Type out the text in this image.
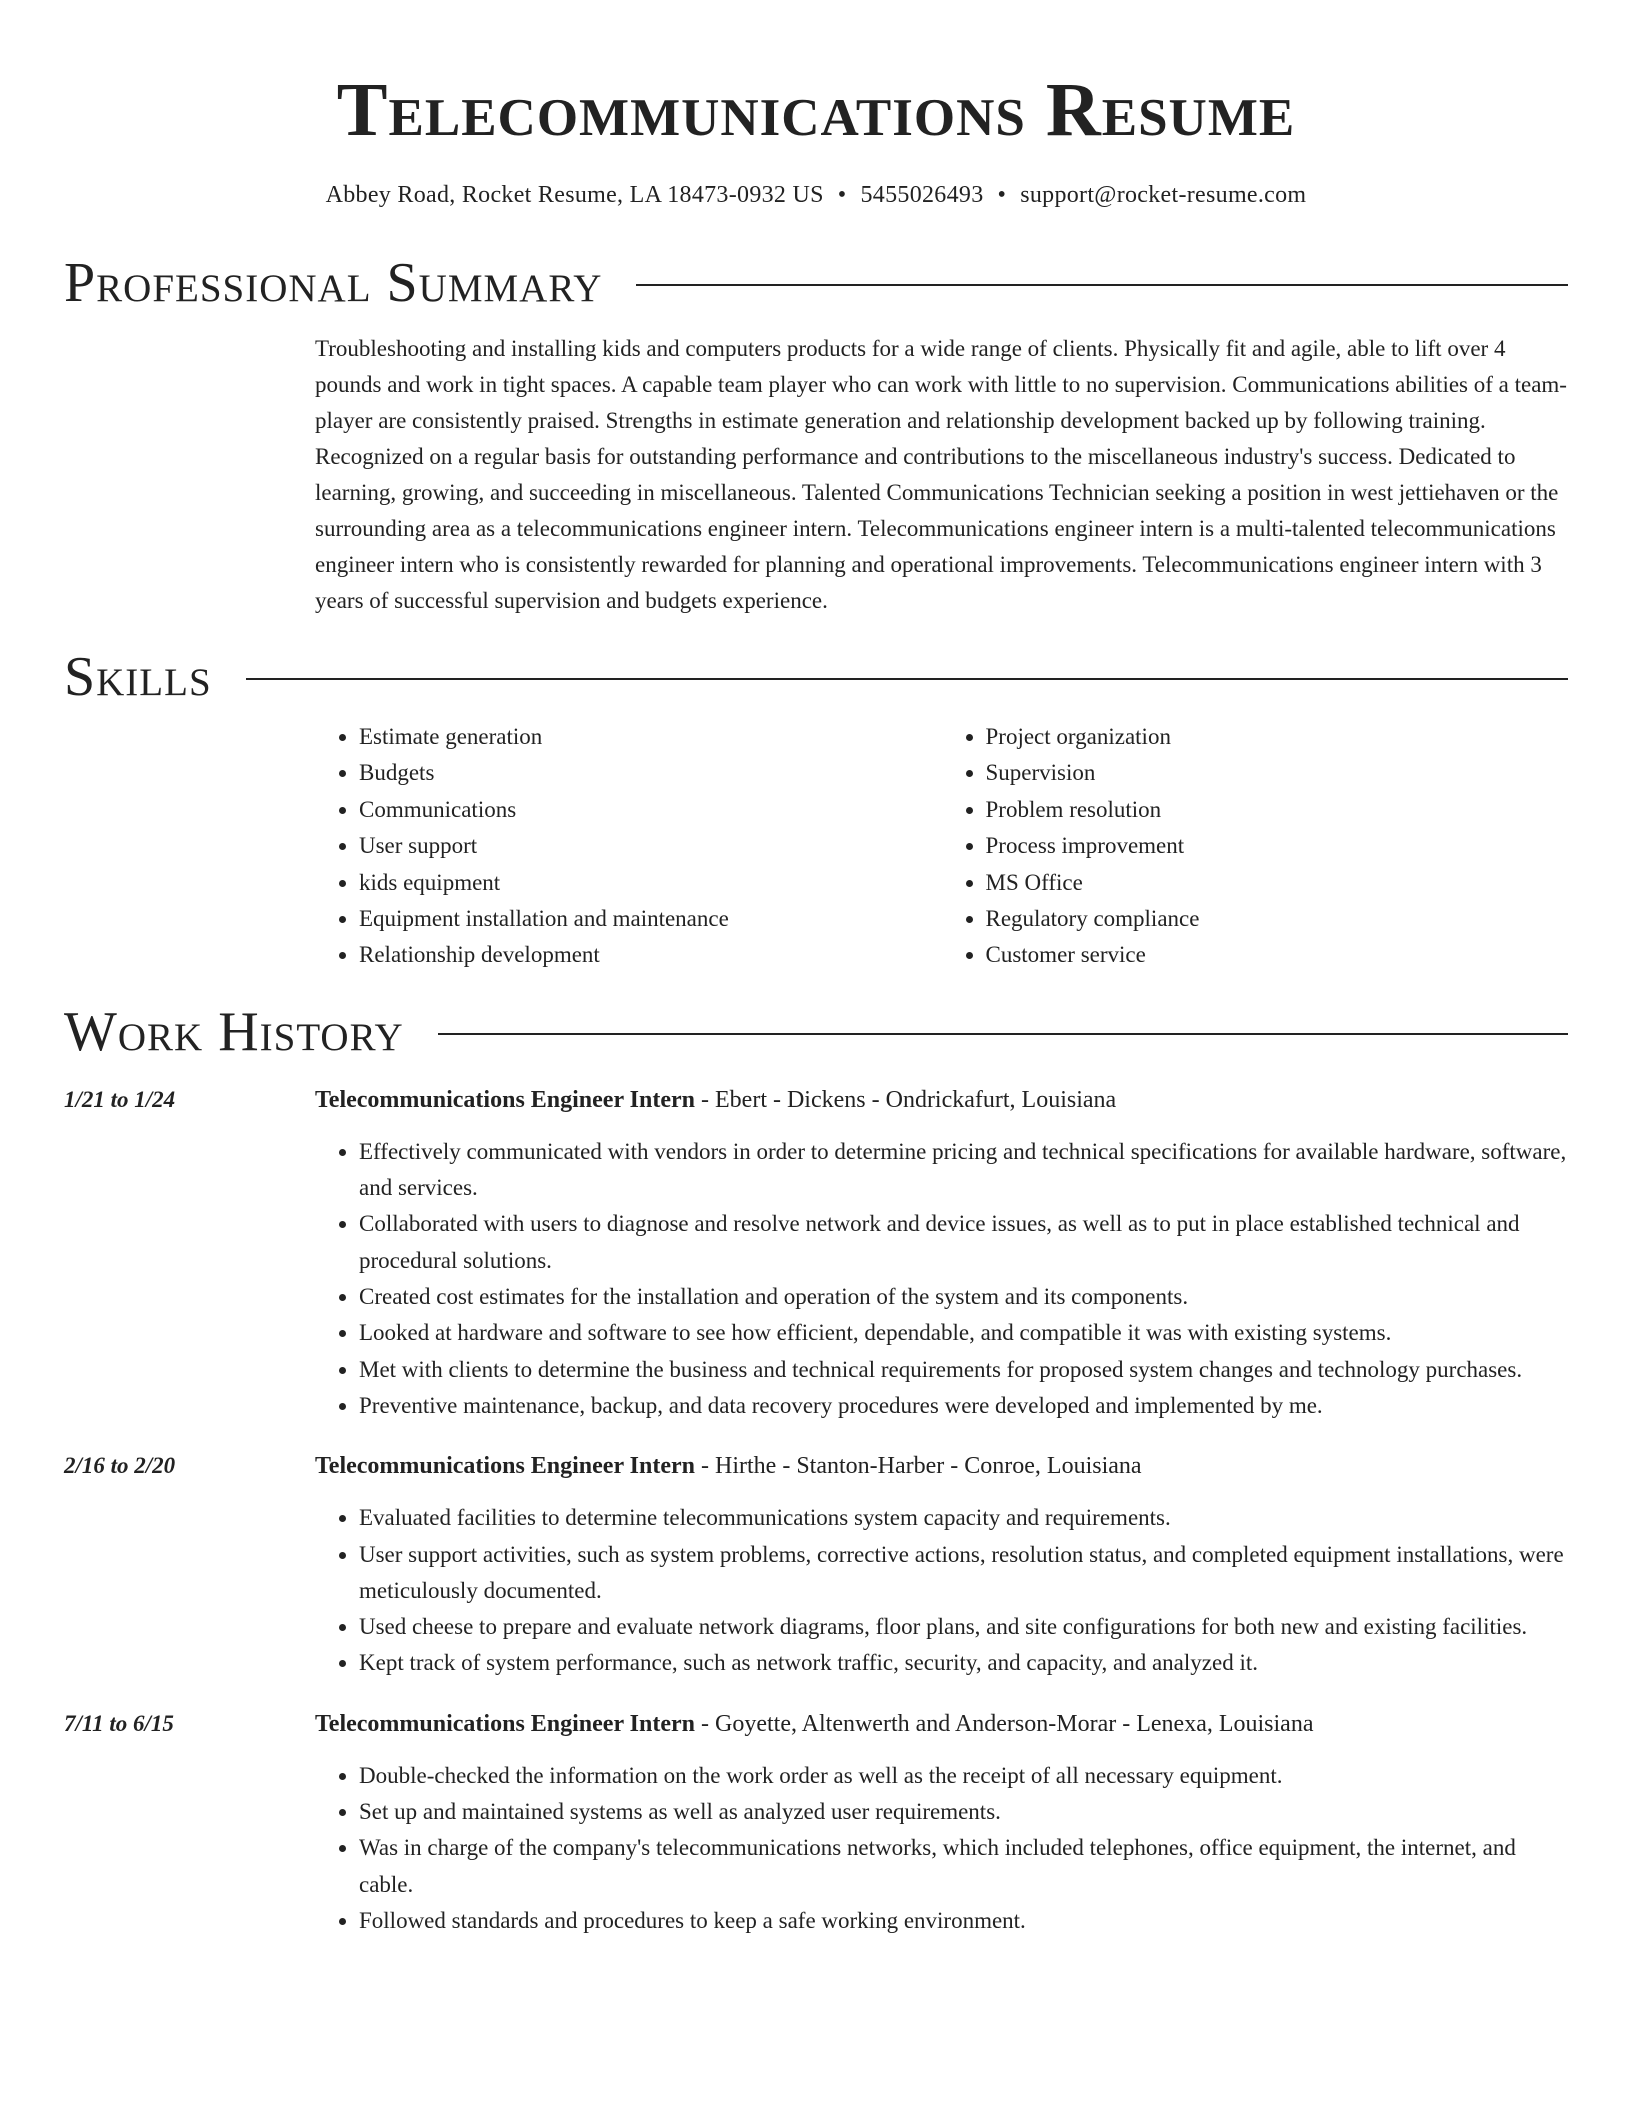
Telecommunications Resume
Abbey Road, Rocket Resume, LA 18473-0932 US • 5455026493 • support@rocket-resume.com
Professional Summary
Troubleshooting and installing kids and computers products for a wide range of clients. Physically fit and agile, able to lift over 4 pounds and work in tight spaces. A capable team player who can work with little to no supervision. Communications abilities of a team-player are consistently praised. Strengths in estimate generation and relationship development backed up by following training. Recognized on a regular basis for outstanding performance and contributions to the miscellaneous industry's success. Dedicated to learning, growing, and succeeding in miscellaneous. Talented Communications Technician seeking a position in west jettiehaven or the surrounding area as a telecommunications engineer intern. Telecommunications engineer intern is a multi-talented telecommunications engineer intern who is consistently rewarded for planning and operational improvements. Telecommunications engineer intern with 3 years of successful supervision and budgets experience.
Skills
• Estimate generation
• Budgets
• Communications
• User support
• kids equipment
• Equipment installation and maintenance
• Relationship development
• Project organization
• Supervision
• Problem resolution
• Process improvement
• MS Office
• Regulatory compliance
• Customer service
Work History
1/21 to 1/24	Telecommunications Engineer Intern - Ebert - Dickens - Ondrickafurt, Louisiana
• Effectively communicated with vendors in order to determine pricing and technical specifications for available hardware, software, and services.
• Collaborated with users to diagnose and resolve network and device issues, as well as to put in place established technical and procedural solutions.
• Created cost estimates for the installation and operation of the system and its components.
• Looked at hardware and software to see how efficient, dependable, and compatible it was with existing systems.
• Met with clients to determine the business and technical requirements for proposed system changes and technology purchases.
• Preventive maintenance, backup, and data recovery procedures were developed and implemented by me.
2/16 to 2/20	Telecommunications Engineer Intern - Hirthe - Stanton-Harber - Conroe, Louisiana
• Evaluated facilities to determine telecommunications system capacity and requirements.
• User support activities, such as system problems, corrective actions, resolution status, and completed equipment installations, were meticulously documented.
• Used cheese to prepare and evaluate network diagrams, floor plans, and site configurations for both new and existing facilities.
• Kept track of system performance, such as network traffic, security, and capacity, and analyzed it.
7/11 to 6/15	Telecommunications Engineer Intern - Goyette, Altenwerth and Anderson-Morar - Lenexa, Louisiana
• Double-checked the information on the work order as well as the receipt of all necessary equipment.
• Set up and maintained systems as well as analyzed user requirements.
• Was in charge of the company's telecommunications networks, which included telephones, office equipment, the internet, and cable.
• Followed standards and procedures to keep a safe working environment.
